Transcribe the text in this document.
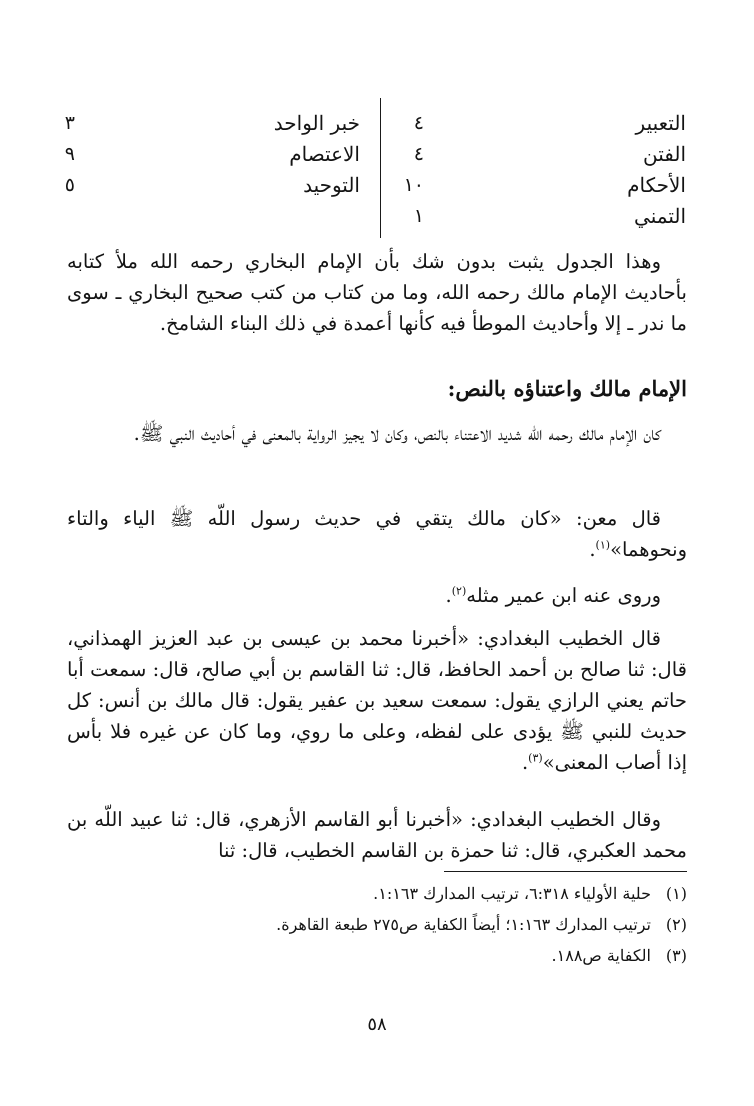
التعبير
٤
الفتن
٤
الأحكام
١٠
التمني
١
خبر الواحد
٣
الاعتصام
٩
التوحيد
٥

وهذا الجدول يثبت بدون شك بأن الإمام البخاري رحمه الله ملأ كتابه بأحاديث الإمام مالك رحمه الله، وما من كتاب من كتب صحيح البخاري ـ سوى ما ندر ـ إلا وأحاديث الموطأ فيه كأنها أعمدة في ذلك البناء الشامخ.

الإمام مالك واعتناؤه بالنص:

كان الإمام مالك رحمه اللّه شديد الاعتناء بالنص، وكان لا يجيز الرواية بالمعنى في أحاديث النبي ﷺ.

قال معن: «كان مالك يتقي في حديث رسول اللّه ﷺ الياء والتاء ونحوهما»$^{(١)}$.

وروى عنه ابن عمير مثله$^{(٢)}$.

قال الخطيب البغدادي: «أخبرنا محمد بن عيسى بن عبد العزيز الهمذاني، قال: ثنا صالح بن أحمد الحافظ، قال: ثنا القاسم بن أبي صالح، قال: سمعت أبا حاتم يعني الرازي يقول: سمعت سعيد بن عفير يقول: قال مالك بن أنس: كل حديث للنبي ﷺ يؤدى على لفظه، وعلى ما روي، وما كان عن غيره فلا بأس إذا أصاب المعنى»$^{(٣)}$.

وقال الخطيب البغدادي: «أخبرنا أبو القاسم الأزهري، قال: ثنا عبيد اللّه بن محمد العكبري، قال: ثنا حمزة بن القاسم الخطيب، قال: ثنا

(١)حلية الأولياء ٦:٣١٨، ترتيب المدارك ١:١٦٣.

(٢)ترتيب المدارك ١:١٦٣؛ أيضاً الكفاية ص٢٧٥ طبعة القاهرة.

(٣)الكفاية ص١٨٨.

٥٨
